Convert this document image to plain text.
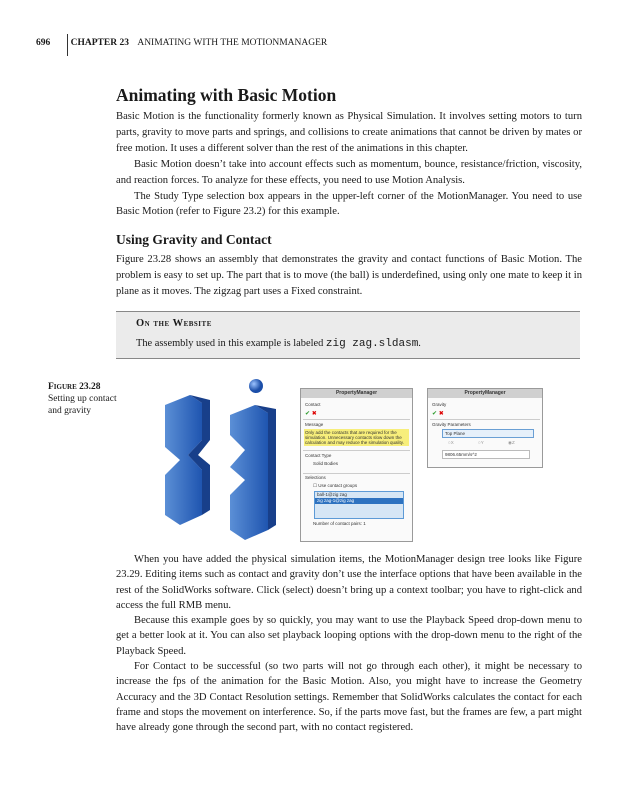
696 CHAPTER 23 ANIMATING WITH THE MOTIONMANAGER
Animating with Basic Motion
Basic Motion is the functionality formerly known as Physical Simulation. It involves setting motors to turn parts, gravity to move parts and springs, and collisions to create animations that cannot be driven by mates or free motion. It uses a different solver than the rest of the animations in this chapter.
Basic Motion doesn’t take into account effects such as momentum, bounce, resistance/friction, viscosity, and reaction forces. To analyze for these effects, you need to use Motion Analysis.
The Study Type selection box appears in the upper-left corner of the MotionManager. You need to use Basic Motion (refer to Figure 23.2) for this example.
Using Gravity and Contact
Figure 23.28 shows an assembly that demonstrates the gravity and contact functions of Basic Motion. The problem is easy to set up. The part that is to move (the ball) is underdefined, using only one mate to keep it in plane as it moves. The zigzag part uses a Fixed constraint.
On the Website
The assembly used in this example is labeled zig zag.sldasm.
Figure 23.28
Setting up contact and gravity
PropertyManager
Contact
✔ ✖
Message
Only add the contacts that are required for the simulation. Unnecessary contacts slow down the calculation and may reduce the simulation quality.
Contact Type
Solid Bodies
Selections
☐ Use contact groups
ball-1@zig zag
zig zag-1@zig zag
Number of contact pairs: 1
PropertyManager
Gravity
✔ ✖
Gravity Parameters
Top Plane
○X	○Y	◉Z
9806.65mm/s^2
When you have added the physical simulation items, the MotionManager design tree looks like Figure 23.29. Editing items such as contact and gravity don’t use the interface options that have been available in the rest of the SolidWorks software. Click (select) doesn’t bring up a context toolbar; you have to right-click and access the full RMB menu.
Because this example goes by so quickly, you may want to use the Playback Speed drop-down menu to get a better look at it. You can also set playback looping options with the drop-down menu to the right of the Playback Speed.
For Contact to be successful (so two parts will not go through each other), it might be necessary to increase the fps of the animation for the Basic Motion. Also, you might have to increase the Geometry Accuracy and the 3D Contact Resolution settings. Remember that SolidWorks calculates the contact for each frame and stops the movement on interference. So, if the parts move fast, but the frames are few, a part might have already gone through the second part, with no contact registered.
